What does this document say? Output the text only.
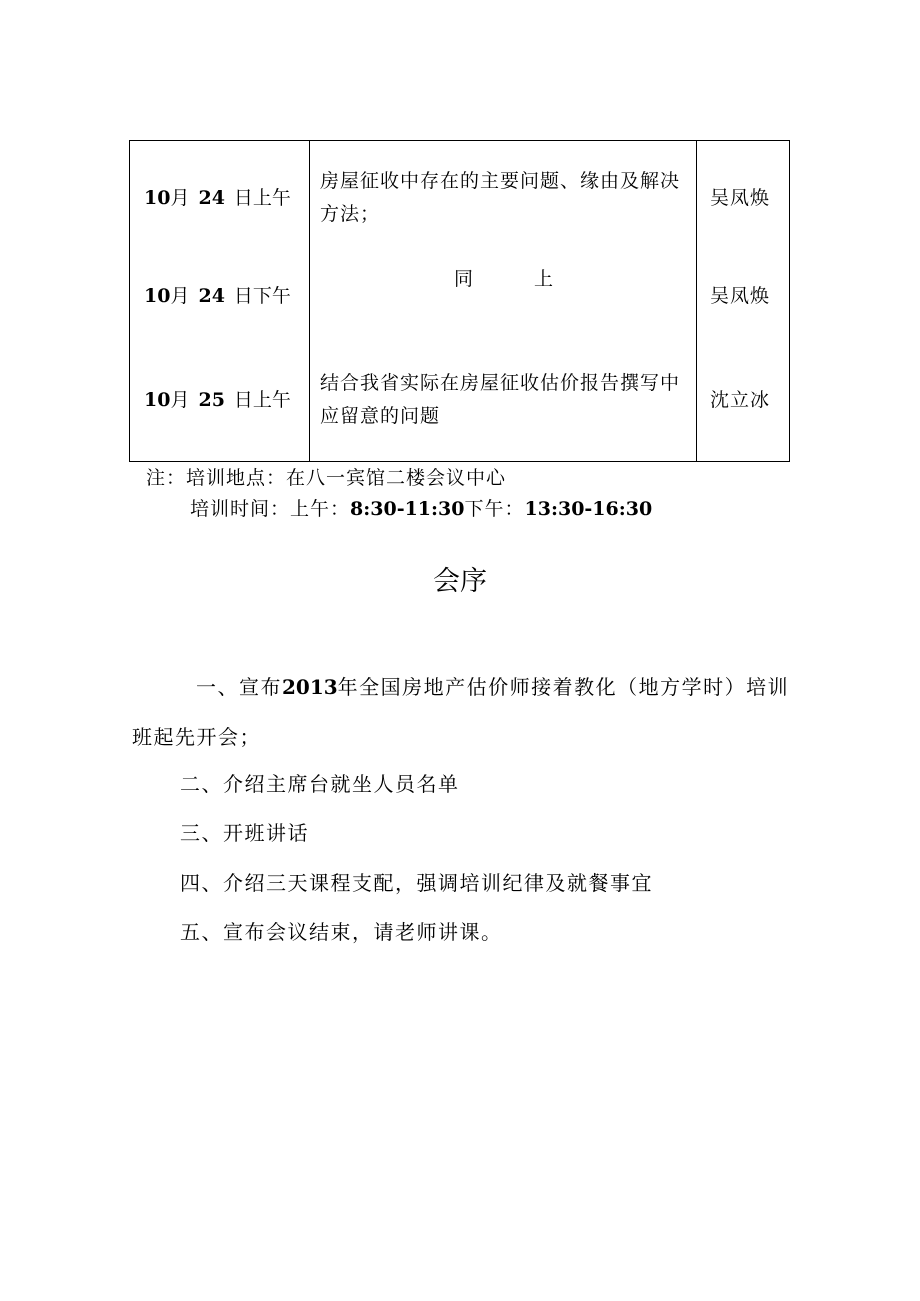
10月 24 日上午
房屋征收中存在的主要问题、缘由及解决方法；
吴凤焕
10月 24 日下午
同　　　上
吴凤焕
10月 25 日上午
结合我省实际在房屋征收估价报告撰写中应留意的问题
沈立冰
注：培训地点：在八一宾馆二楼会议中心
培训时间：上午：8:30-11:30下午：13:30-16:30
会序
一、宣布2013年全国房地产估价师接着教化（地方学时）培训
班起先开会；
二、介绍主席台就坐人员名单
三、开班讲话
四、介绍三天课程支配，强调培训纪律及就餐事宜
五、宣布会议结束，请老师讲课。
